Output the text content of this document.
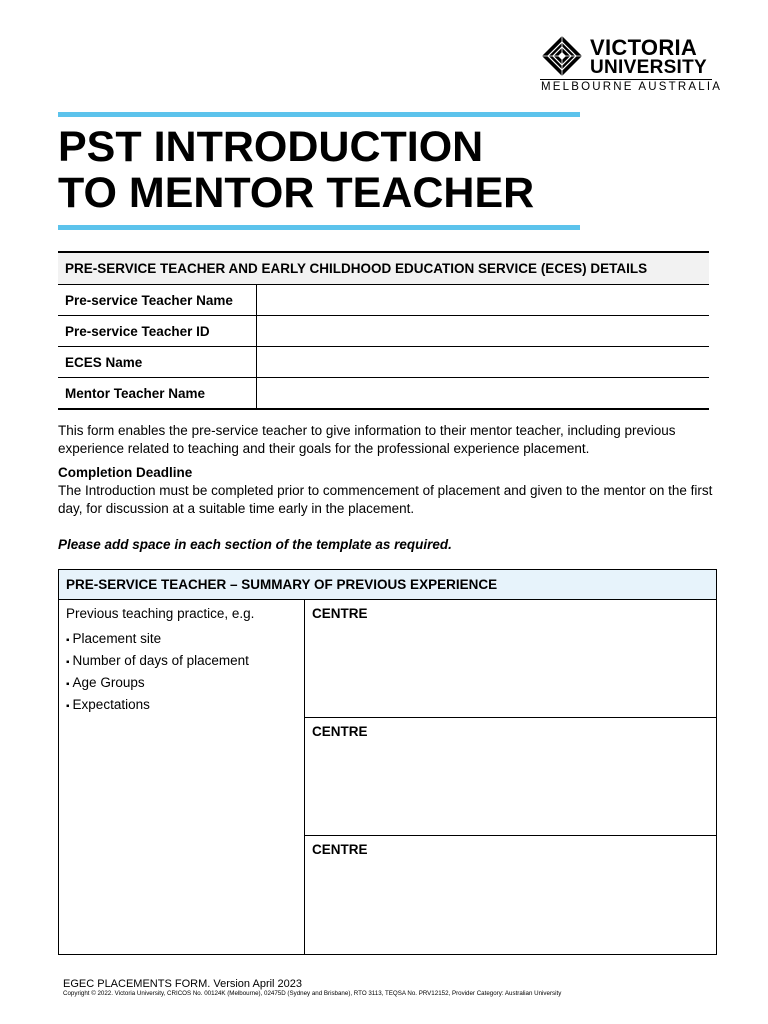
VICTORIA
UNIVERSITY
MELBOURNE AUSTRALIA
PST INTRODUCTION
TO MENTOR TEACHER
PRE-SERVICE TEACHER AND EARLY CHILDHOOD EDUCATION SERVICE (ECES) DETAILS	
Pre-service Teacher Name	
Pre-service Teacher ID	
ECES Name	
Mentor Teacher Name	

This form enables the pre-service teacher to give information to their mentor teacher, including previous experience related to teaching and their goals for the professional experience placement.

Completion Deadline

The Introduction must be completed prior to commencement of placement and given to the mentor on the first day, for discussion at a suitable time early in the placement.

Please add space in each section of the template as required.

PRE-SERVICE TEACHER – SUMMARY OF PREVIOUS EXPERIENCE
Previous teaching practice, e.g.
▪ Placement site
▪ Number of days of placement
▪ Age Groups
▪ Expectations
CENTRE
CENTRE
CENTRE
EGEC PLACEMENTS FORM. Version April 2023
Copyright © 2022. Victoria University, CRICOS No. 00124K (Melbourne), 02475D (Sydney and Brisbane), RTO 3113, TEQSA No. PRV12152, Provider Category: Australian University
